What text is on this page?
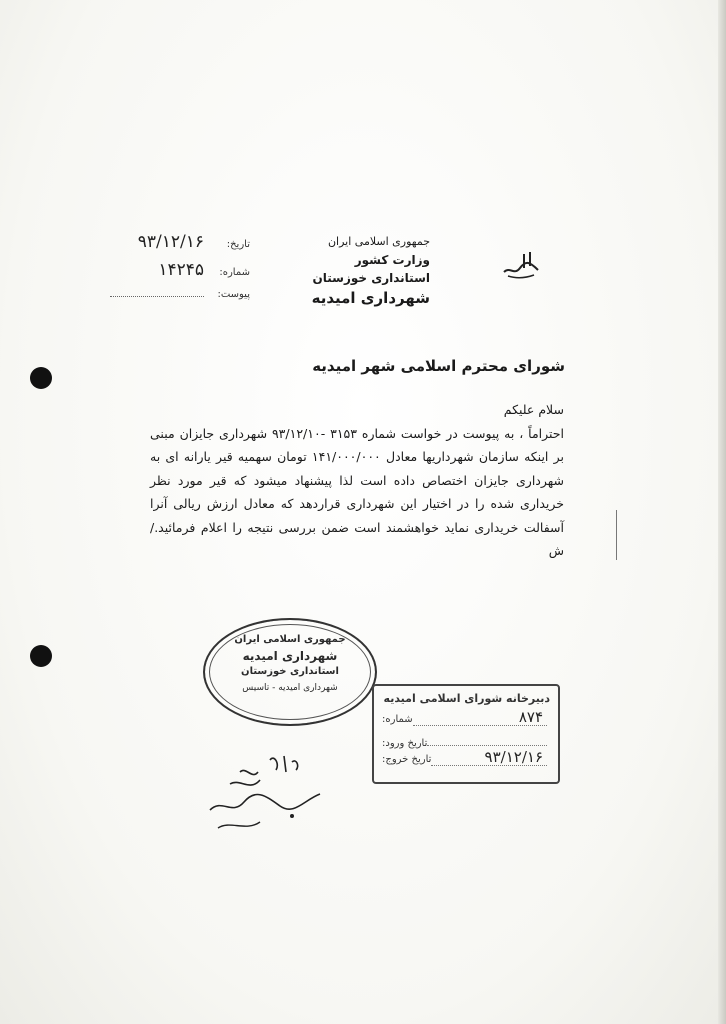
جمهوری اسلامی ایران
وزارت کشور
استانداری خوزستان
شهرداری امیدیه
تاریخ:
۹۳/۱۲/۱۶
شماره:
۱۴۲۴۵
پیوست:
شورای محترم اسلامی شهر امیدیه

سلام علیکم

احتراماً ، به پیوست در خواست شماره ۳۱۵۳ -۹۳/۱۲/۱۰ شهرداری جایزان مبنی بر اینکه سازمان شهرداریها معادل ۱۴۱/۰۰۰/۰۰۰ تومان سهمیه قیر یارانه ای به شهرداری جایزان اختصاص داده است لذا پیشنهاد میشود که قیر مورد نظر خریداری شده را در اختیار این شهرداری قراردهد که معادل ارزش ریالی آنرا آسفالت خریداری نماید خواهشمند است ضمن بررسی نتیجه را اعلام فرمائید./ش

جمهوری اسلامی ایران
شهرداری امیدیه
استانداری خوزستان
شهرداری امیدیه - تاسیس
دبیرخانه شورای اسلامی امیدیه
شماره:	۸۷۴
تاریخ ورود:
تاریخ خروج:	۹۳/۱۲/۱۶
